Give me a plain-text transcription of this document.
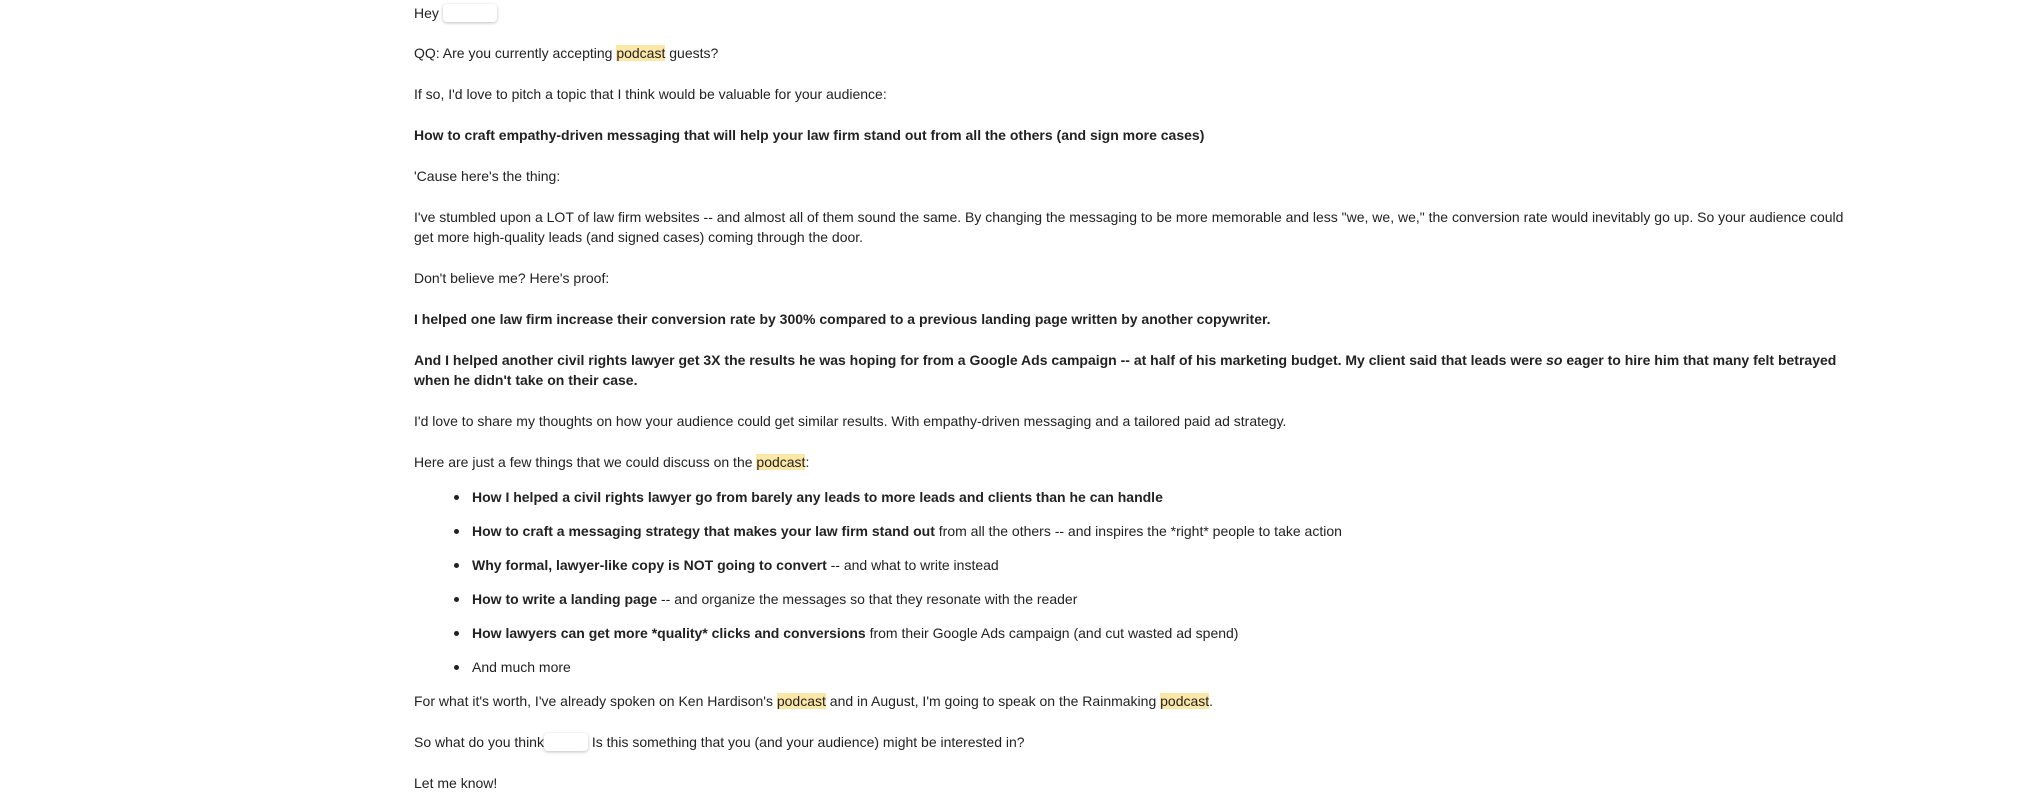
Hey
QQ: Are you currently accepting podcast guests?
If so, I'd love to pitch a topic that I think would be valuable for your audience:
How to craft empathy-driven messaging that will help your law firm stand out from all the others (and sign more cases)
'Cause here's the thing:
I've stumbled upon a LOT of law firm websites -- and almost all of them sound the same. By changing the messaging to be more memorable and less "we, we, we," the conversion rate would inevitably go up. So your audience could get more high-quality leads (and signed cases) coming through the door.
Don't believe me? Here's proof:
I helped one law firm increase their conversion rate by 300% compared to a previous landing page written by another copywriter.
And I helped another civil rights lawyer get 3X the results he was hoping for from a Google Ads campaign -- at half of his marketing budget. My client said that leads were so eager to hire him that many felt betrayed when he didn't take on their case.
I'd love to share my thoughts on how your audience could get similar results. With empathy-driven messaging and a tailored paid ad strategy.
Here are just a few things that we could discuss on the podcast:
How I helped a civil rights lawyer go from barely any leads to more leads and clients than he can handle
How to craft a messaging strategy that makes your law firm stand out from all the others -- and inspires the *right* people to take action
Why formal, lawyer-like copy is NOT going to convert -- and what to write instead
How to write a landing page -- and organize the messages so that they resonate with the reader
How lawyers can get more *quality* clicks and conversions from their Google Ads campaign (and cut wasted ad spend)
And much more
For what it's worth, I've already spoken on Ken Hardison's podcast and in August, I'm going to speak on the Rainmaking podcast.
So what do you think	Is this something that you (and your audience) might be interested in?
Let me know!
